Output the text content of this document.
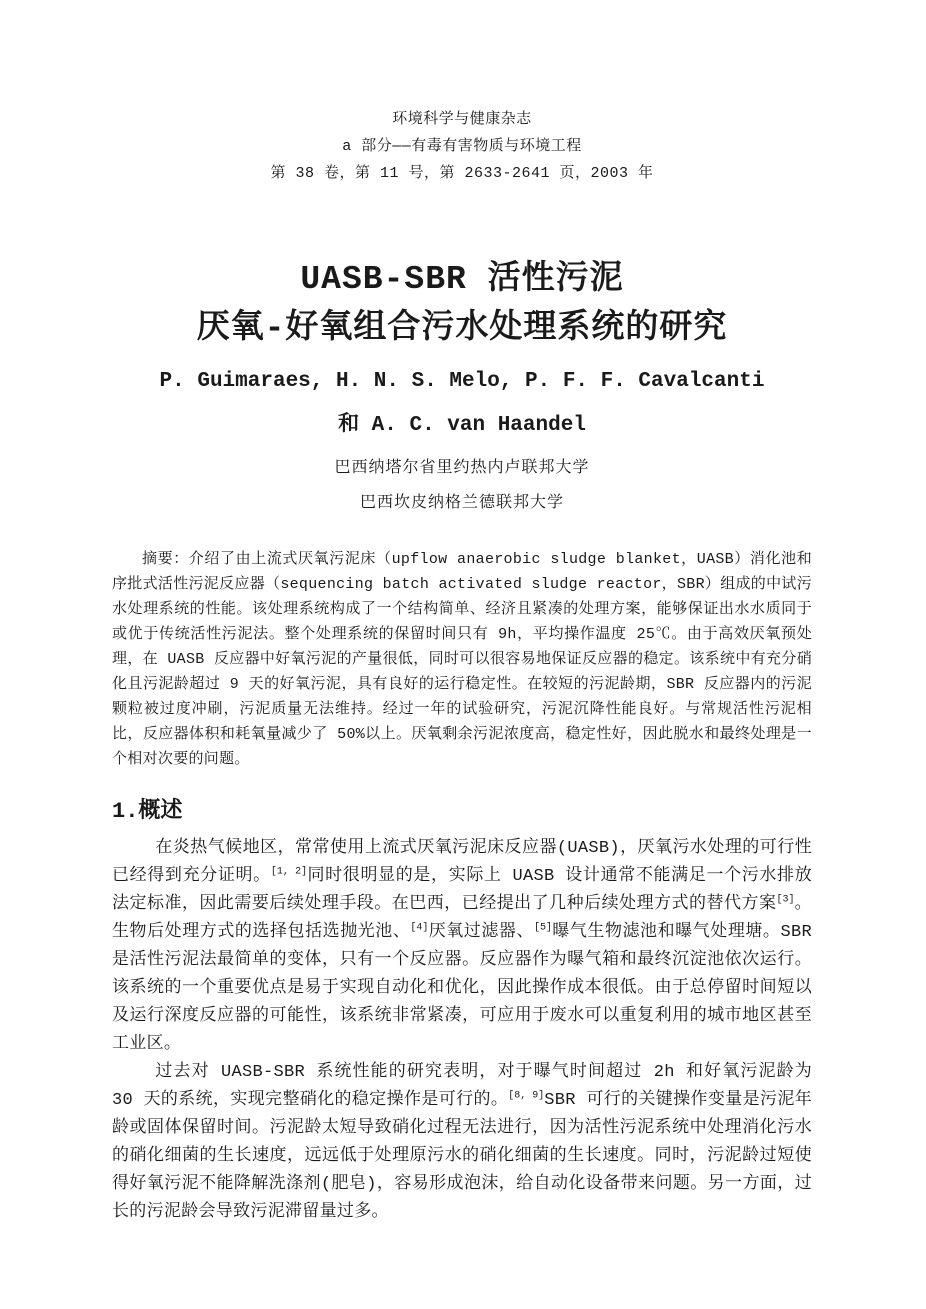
环境科学与健康杂志
a 部分——有毒有害物质与环境工程
第 38 卷，第 11 号，第 2633-2641 页，2003 年
UASB-SBR 活性污泥
厌氧-好氧组合污水处理系统的研究
P. Guimaraes, H. N. S. Melo, P. F. F. Cavalcanti
和 A. C. van Haandel
巴西纳塔尔省里约热内卢联邦大学
巴西坎皮纳格兰德联邦大学

摘要：介绍了由上流式厌氧污泥床（upflow anaerobic sludge blanket，UASB）消化池和序批式活性污泥反应器（sequencing batch activated sludge reactor，SBR）组成的中试污水处理系统的性能。该处理系统构成了一个结构简单、经济且紧凑的处理方案，能够保证出水水质同于或优于传统活性污泥法。整个处理系统的保留时间只有 9h，平均操作温度 25℃。由于高效厌氧预处理，在 UASB 反应器中好氧污泥的产量很低，同时可以很容易地保证反应器的稳定。该系统中有充分硝化且污泥龄超过 9 天的好氧污泥，具有良好的运行稳定性。在较短的污泥龄期，SBR 反应器内的污泥颗粒被过度冲刷，污泥质量无法维持。经过一年的试验研究，污泥沉降性能良好。与常规活性污泥相比，反应器体积和耗氧量减少了 50%以上。厌氧剩余污泥浓度高，稳定性好，因此脱水和最终处理是一个相对次要的问题。

1.概述

在炎热气候地区，常常使用上流式厌氧污泥床反应器(UASB)，厌氧污水处理的可行性已经得到充分证明。[1, 2]同时很明显的是，实际上 UASB 设计通常不能满足一个污水排放法定标准，因此需要后续处理手段。在巴西，已经提出了几种后续处理方式的替代方案[3]。生物后处理方式的选择包括选抛光池、[4]厌氧过滤器、[5]曝气生物滤池和曝气处理塘。SBR 是活性污泥法最简单的变体，只有一个反应器。反应器作为曝气箱和最终沉淀池依次运行。该系统的一个重要优点是易于实现自动化和优化，因此操作成本很低。由于总停留时间短以及运行深度反应器的可能性，该系统非常紧凑，可应用于废水可以重复利用的城市地区甚至工业区。

过去对 UASB-SBR 系统性能的研究表明，对于曝气时间超过 2h 和好氧污泥龄为 30 天的系统，实现完整硝化的稳定操作是可行的。[8, 9]SBR 可行的关键操作变量是污泥年龄或固体保留时间。污泥龄太短导致硝化过程无法进行，因为活性污泥系统中处理消化污水的硝化细菌的生长速度，远远低于处理原污水的硝化细菌的生长速度。同时，污泥龄过短使得好氧污泥不能降解洗涤剂(肥皂)，容易形成泡沫，给自动化设备带来问题。另一方面，过长的污泥龄会导致污泥滞留量过多。
